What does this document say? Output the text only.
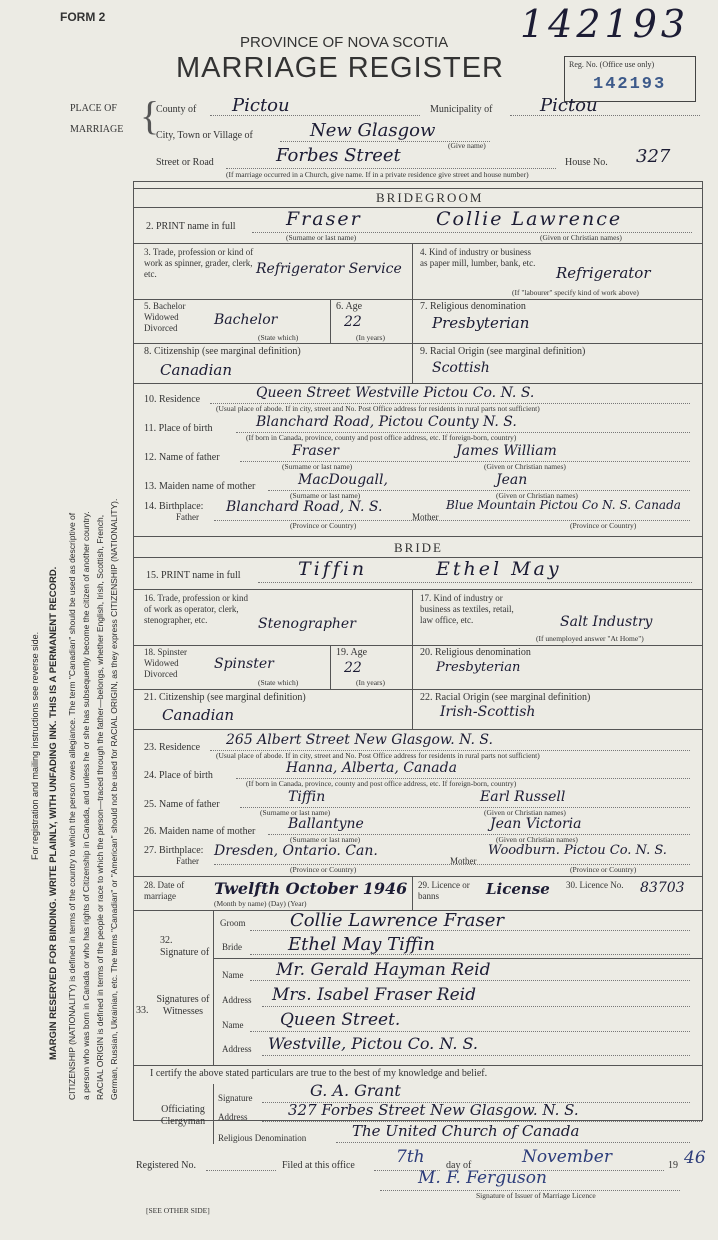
MARGIN RESERVED FOR BINDING. WRITE PLAINLY, WITH UNFADING INK. THIS IS A PERMANENT RECORD.
For registration and mailing instructions see reverse side.	CITIZENSHIP (NATIONALITY) is defined in terms of the country to which the person owes allegiance. The term "Canadian" should be used as descriptive of a person who was born in Canada or who has rights of Citizenship in Canada, and unless he or she has subsequently become the citizen of another country. RACIAL ORIGIN is defined in terms of the people or race to which the person—traced through the father—belongs, whether English, Irish, Scottish, French, German, Russian, Ukrainian, etc. The terms "Canadian" or "American" should not be used for RACIAL ORIGIN, as they express CITIZENSHIP (NATIONALITY).
FORM 2	142193
PROVINCE OF NOVA SCOTIA
MARRIAGE REGISTER	Reg. No. (Office use only)
142193
PLACE OF
MARRIAGE {
County of Pictou	Municipality of	Pictou
City, Town or Village of	New Glasgow
(Give name)
Street or Road	Forbes Street	House No. 327
(If marriage occurred in a Church, give name. If in a private residence give street and house number)
BRIDEGROOM
2. PRINT name in full	Fraser	Collie Lawrence
(Surname or last name)	(Given or Christian names)
3. Trade, profession or kind of work as spinner, grader, clerk, etc.	Refrigerator Service
4. Kind of industry or business as paper mill, lumber, bank, etc.
Refrigerator
(If "labourer" specify kind of work above)
5. Bachelor Widowed Divorced	Bachelor
(State which)
6. Age
22
(In years)
7. Religious denomination
Presbyterian
8. Citizenship (see marginal definition)
Canadian
9. Racial Origin (see marginal definition)
Scottish
10. Residence	Queen Street Westville Pictou Co. N. S.
(Usual place of abode. If in city, street and No. Post Office address for residents in rural parts not sufficient)
11. Place of birth	Blanchard Road, Pictou County N. S.
(If born in Canada, province, county and post office address, etc. If foreign-born, country)
12. Name of father	Fraser	James William
(Surname or last name)	(Given or Christian names)
13. Maiden name of mother	MacDougall,	Jean
(Surname or last name)	(Given or Christian names)
14. Birthplace:
Father
Blanchard Road, N. S.
Mother
Blue Mountain Pictou Co N. S. Canada
(Province or Country)	(Province or Country)
BRIDE
15. PRINT name in full	Tiffin	Ethel May
16. Trade, profession or kind of work as operator, clerk, stenographer, etc.	Stenographer
17. Kind of industry or business as textiles, retail, law office, etc.	Salt Industry
(If unemployed answer "At Home")
18. Spinster Widowed Divorced
Spinster
(State which)
19. Age
22
(In years)
20. Religious denomination
Presbyterian
21. Citizenship (see marginal definition)
Canadian
22. Racial Origin (see marginal definition)
Irish-Scottish
23. Residence 265 Albert Street New Glasgow. N. S.
(Usual place of abode. If in city, street and No. Post Office address for residents in rural parts not sufficient)
24. Place of birth	Hanna, Alberta, Canada
(If born in Canada, province, county and post office address, etc. If foreign-born, country)
25. Name of father	Tiffin	Earl Russell
(Surname or last name)	(Given or Christian names)
26. Maiden name of mother Ballantyne	Jean Victoria
(Surname or last name)	(Given or Christian names)
27. Birthplace:
Father
Dresden, Ontario. Can.
Mother
Woodburn. Pictou Co. N. S.
(Province or Country)	(Province or Country)
28. Date of marriage	Twelfth October 1946
(Month by name) (Day) (Year)
29. Licence or banns	License 30. Licence No.	83703
32. Signature of
Groom Collie Lawrence Fraser
Bride	Ethel May Tiffin
Signatures of Witnesses
33.
Name Mr. Gerald Hayman Reid
Address Mrs. Isabel Fraser Reid
Name Queen Street.
Address Westville, Pictou Co. N. S.
I certify the above stated particulars are true to the best of my knowledge and belief.
Officiating Clergyman
Signature	G. A. Grant
Address	327 Forbes Street New Glasgow. N. S.
Religious Denomination	The United Church of Canada
Registered No.	Filed at this office 7th day of	November	19 46
M. F. Ferguson
Signature of Issuer of Marriage Licence
[SEE OTHER SIDE]
